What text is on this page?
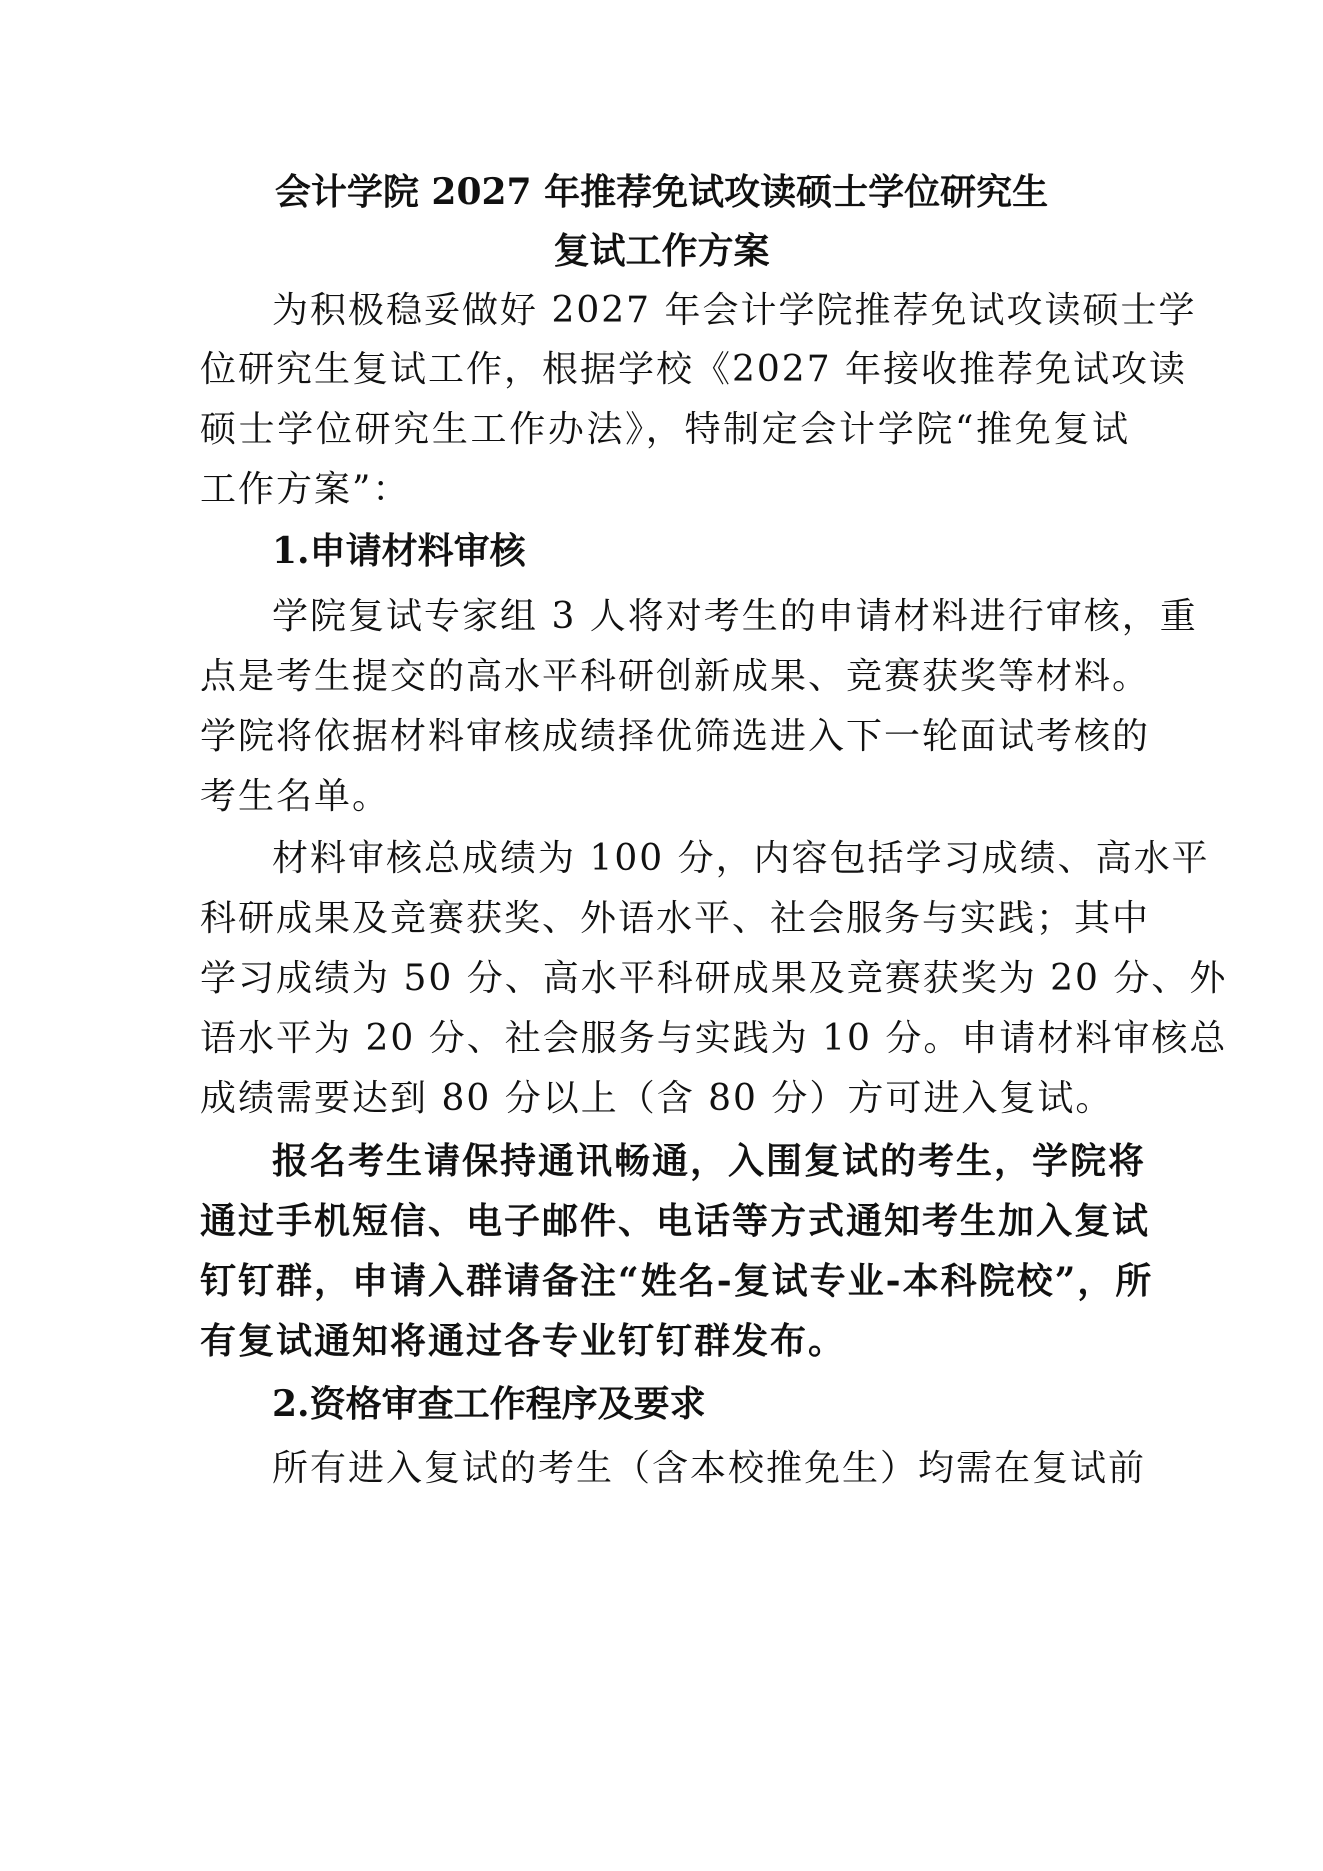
会计学院 2027 年推荐免试攻读硕士学位研究生
复试工作方案
为积极稳妥做好 2027 年会计学院推荐免试攻读硕士学
位研究生复试工作，根据学校《2027 年接收推荐免试攻读
硕士学位研究生工作办法》，特制定会计学院“推免复试
工作方案”：
1.申请材料审核
学院复试专家组 3 人将对考生的申请材料进行审核，重
点是考生提交的高水平科研创新成果、竞赛获奖等材料。
学院将依据材料审核成绩择优筛选进入下一轮面试考核的
考生名单。
材料审核总成绩为 100 分，内容包括学习成绩、高水平
科研成果及竞赛获奖、外语水平、社会服务与实践；其中
学习成绩为 50 分、高水平科研成果及竞赛获奖为 20 分、外
语水平为 20 分、社会服务与实践为 10 分。申请材料审核总
成绩需要达到 80 分以上（含 80 分）方可进入复试。
报名考生请保持通讯畅通，入围复试的考生，学院将
通过手机短信、电子邮件、电话等方式通知考生加入复试
钉钉群，申请入群请备注“姓名-复试专业-本科院校”，所
有复试通知将通过各专业钉钉群发布。
2.资格审查工作程序及要求
所有进入复试的考生（含本校推免生）均需在复试前
